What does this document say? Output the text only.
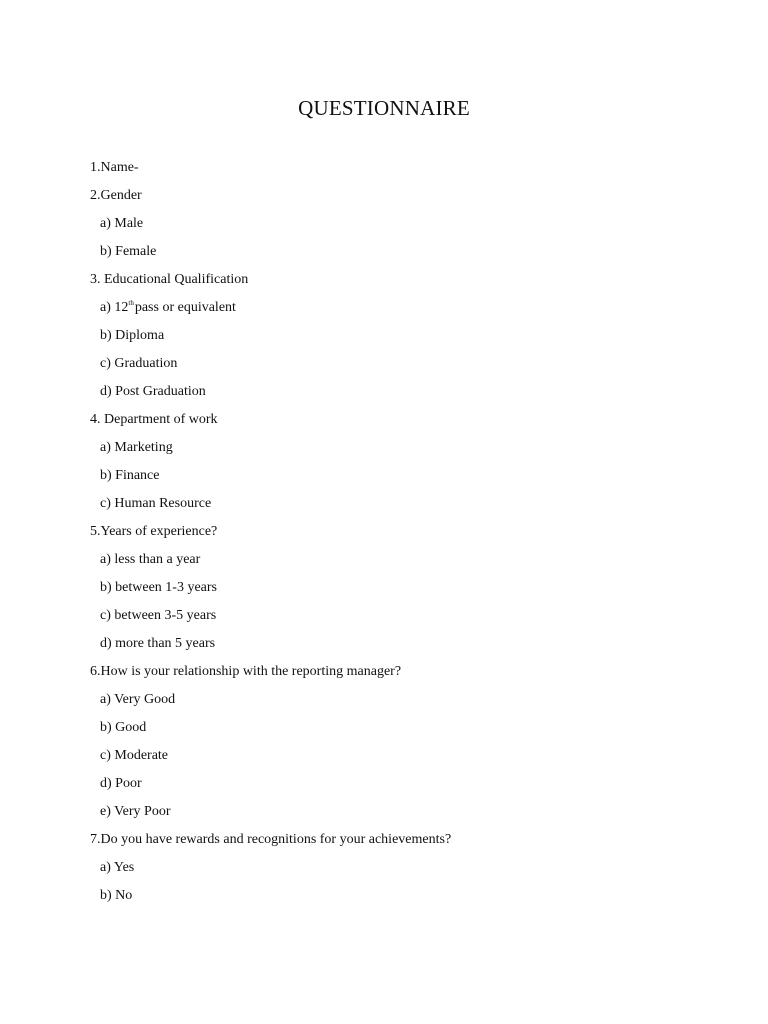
QUESTIONNAIRE
1.Name-
2.Gender
a) Male
b) Female
3. Educational Qualification
a) 12thpass or equivalent
b) Diploma
c) Graduation
d) Post Graduation
4. Department of work
a) Marketing
b) Finance
c) Human Resource
5.Years of experience?
a) less than a year
b) between 1-3 years
c) between 3-5 years
d) more than 5 years
6.How is your relationship with the reporting manager?
a) Very Good
b) Good
c) Moderate
d) Poor
e) Very Poor
7.Do you have rewards and recognitions for your achievements?
a) Yes
b) No
